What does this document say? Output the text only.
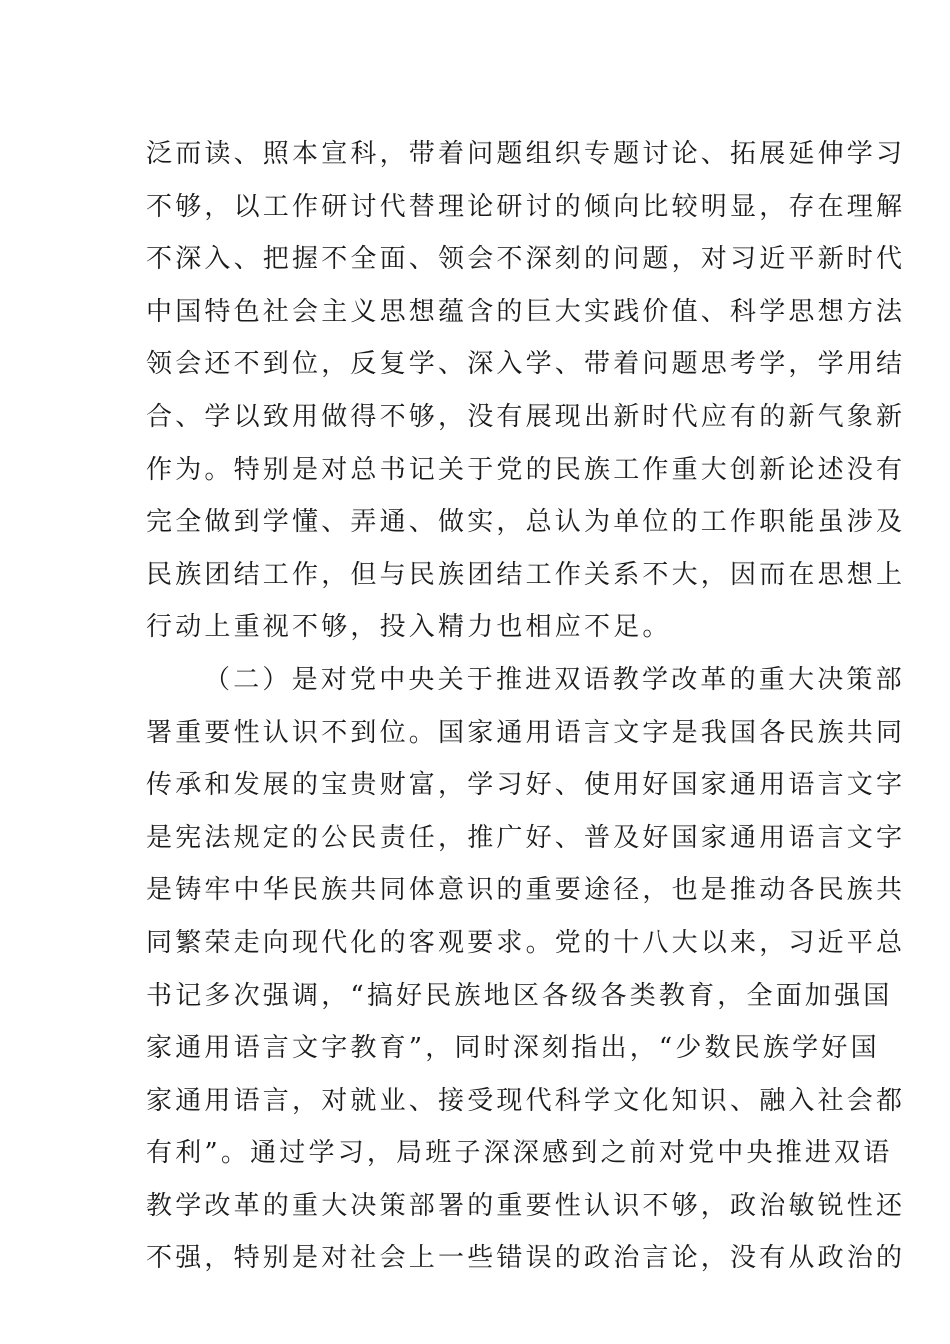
泛而读、照本宣科，带着问题组织专题讨论、拓展延伸学习
不够，以工作研讨代替理论研讨的倾向比较明显，存在理解
不深入、把握不全面、领会不深刻的问题，对习近平新时代
中国特色社会主义思想蕴含的巨大实践价值、科学思想方法
领会还不到位，反复学、深入学、带着问题思考学，学用结
合、学以致用做得不够，没有展现出新时代应有的新气象新
作为。特别是对总书记关于党的民族工作重大创新论述没有
完全做到学懂、弄通、做实，总认为单位的工作职能虽涉及
民族团结工作，但与民族团结工作关系不大，因而在思想上
行动上重视不够，投入精力也相应不足。
（二）是对党中央关于推进双语教学改革的重大决策部
署重要性认识不到位。国家通用语言文字是我国各民族共同
传承和发展的宝贵财富，学习好、使用好国家通用语言文字
是宪法规定的公民责任，推广好、普及好国家通用语言文字
是铸牢中华民族共同体意识的重要途径，也是推动各民族共
同繁荣走向现代化的客观要求。党的十八大以来，习近平总
书记多次强调，“搞好民族地区各级各类教育，全面加强国
家通用语言文字教育”，同时深刻指出，“少数民族学好国
家通用语言，对就业、接受现代科学文化知识、融入社会都
有利”。通过学习，局班子深深感到之前对党中央推进双语
教学改革的重大决策部署的重要性认识不够，政治敏锐性还
不强，特别是对社会上一些错误的政治言论，没有从政治的
